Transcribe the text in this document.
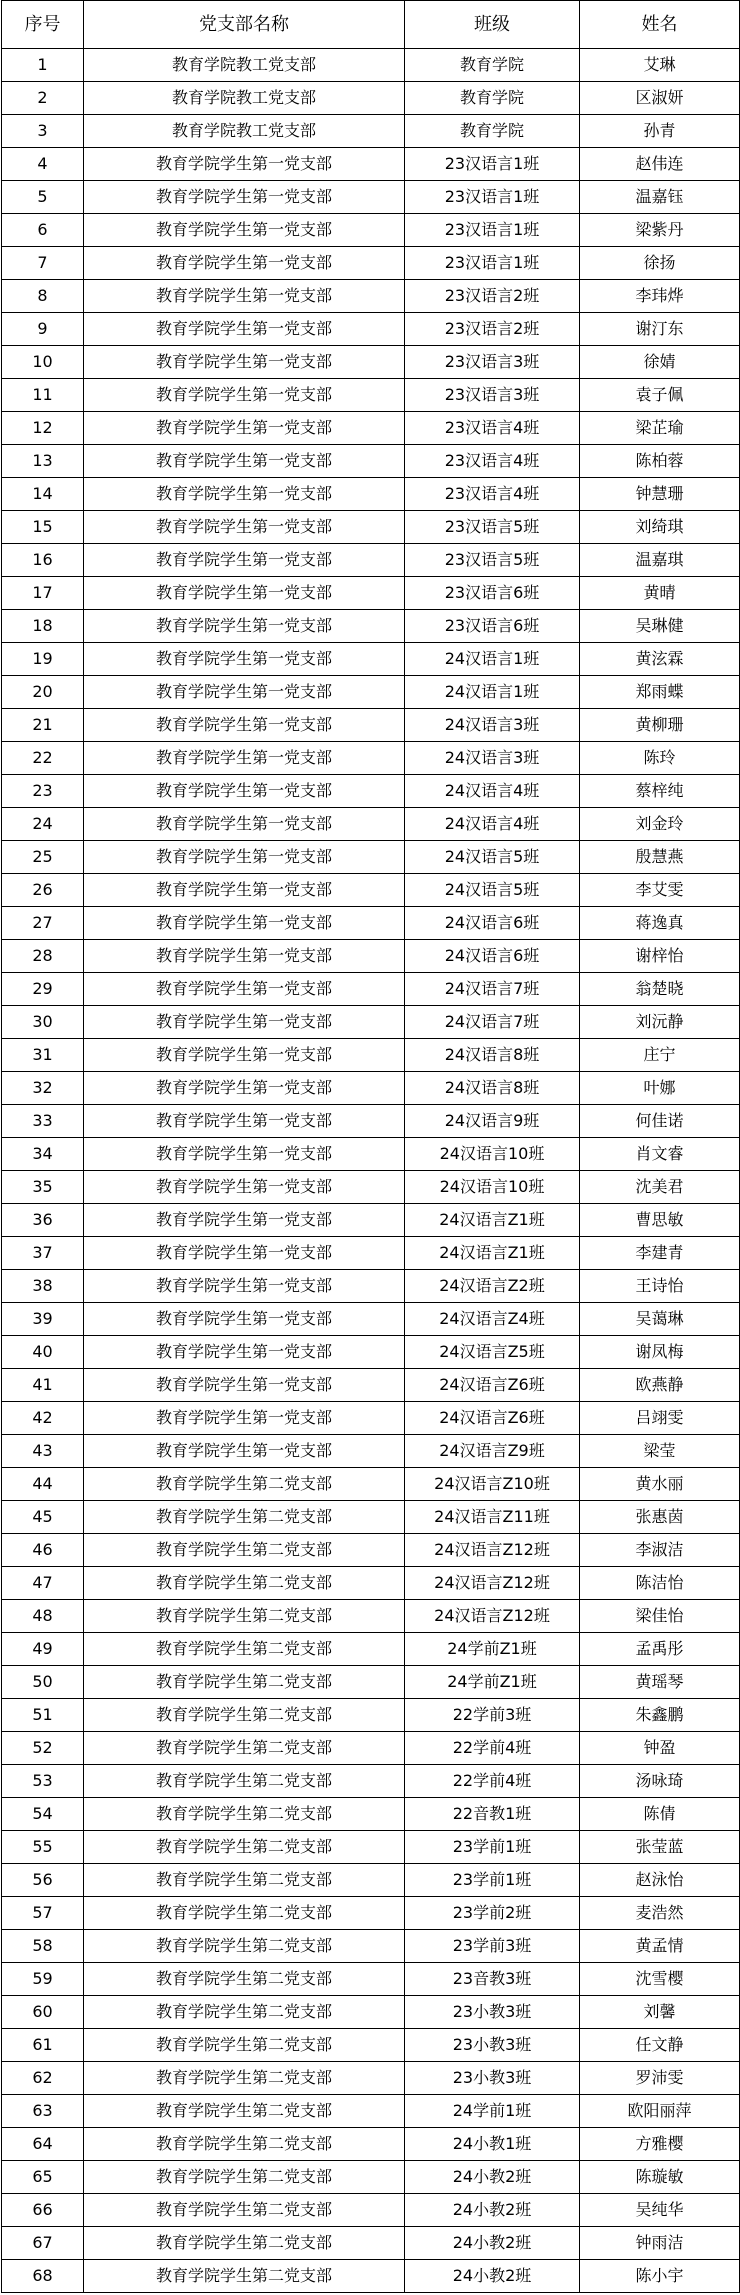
序号	党支部名称	班级	姓名
1	教育学院教工党支部	教育学院	艾琳
2	教育学院教工党支部	教育学院	区淑妍
3	教育学院教工党支部	教育学院	孙青
4	教育学院学生第一党支部	23汉语言1班	赵伟连
5	教育学院学生第一党支部	23汉语言1班	温嘉钰
6	教育学院学生第一党支部	23汉语言1班	梁紫丹
7	教育学院学生第一党支部	23汉语言1班	徐扬
8	教育学院学生第一党支部	23汉语言2班	李玮烨
9	教育学院学生第一党支部	23汉语言2班	谢汀东
10	教育学院学生第一党支部	23汉语言3班	徐婧
11	教育学院学生第一党支部	23汉语言3班	袁子佩
12	教育学院学生第一党支部	23汉语言4班	梁芷瑜
13	教育学院学生第一党支部	23汉语言4班	陈柏蓉
14	教育学院学生第一党支部	23汉语言4班	钟慧珊
15	教育学院学生第一党支部	23汉语言5班	刘绮琪
16	教育学院学生第一党支部	23汉语言5班	温嘉琪
17	教育学院学生第一党支部	23汉语言6班	黄晴
18	教育学院学生第一党支部	23汉语言6班	吴琳健
19	教育学院学生第一党支部	24汉语言1班	黄泫霖
20	教育学院学生第一党支部	24汉语言1班	郑雨蝶
21	教育学院学生第一党支部	24汉语言3班	黄柳珊
22	教育学院学生第一党支部	24汉语言3班	陈玲
23	教育学院学生第一党支部	24汉语言4班	蔡梓纯
24	教育学院学生第一党支部	24汉语言4班	刘金玲
25	教育学院学生第一党支部	24汉语言5班	殷慧燕
26	教育学院学生第一党支部	24汉语言5班	李艾雯
27	教育学院学生第一党支部	24汉语言6班	蒋逸真
28	教育学院学生第一党支部	24汉语言6班	谢梓怡
29	教育学院学生第一党支部	24汉语言7班	翁楚晓
30	教育学院学生第一党支部	24汉语言7班	刘沅静
31	教育学院学生第一党支部	24汉语言8班	庄宁
32	教育学院学生第一党支部	24汉语言8班	叶娜
33	教育学院学生第一党支部	24汉语言9班	何佳诺
34	教育学院学生第一党支部	24汉语言10班	肖文睿
35	教育学院学生第一党支部	24汉语言10班	沈美君
36	教育学院学生第一党支部	24汉语言Z1班	曹思敏
37	教育学院学生第一党支部	24汉语言Z1班	李建青
38	教育学院学生第一党支部	24汉语言Z2班	王诗怡
39	教育学院学生第一党支部	24汉语言Z4班	吴蔼琳
40	教育学院学生第一党支部	24汉语言Z5班	谢凤梅
41	教育学院学生第一党支部	24汉语言Z6班	欧燕静
42	教育学院学生第一党支部	24汉语言Z6班	吕翊雯
43	教育学院学生第一党支部	24汉语言Z9班	梁莹
44	教育学院学生第二党支部	24汉语言Z10班	黄水丽
45	教育学院学生第二党支部	24汉语言Z11班	张惠茵
46	教育学院学生第二党支部	24汉语言Z12班	李淑洁
47	教育学院学生第二党支部	24汉语言Z12班	陈洁怡
48	教育学院学生第二党支部	24汉语言Z12班	梁佳怡
49	教育学院学生第二党支部	24学前Z1班	孟禹彤
50	教育学院学生第二党支部	24学前Z1班	黄瑶琴
51	教育学院学生第二党支部	22学前3班	朱鑫鹏
52	教育学院学生第二党支部	22学前4班	钟盈
53	教育学院学生第二党支部	22学前4班	汤咏琦
54	教育学院学生第二党支部	22音教1班	陈倩
55	教育学院学生第二党支部	23学前1班	张莹蓝
56	教育学院学生第二党支部	23学前1班	赵泳怡
57	教育学院学生第二党支部	23学前2班	麦浩然
58	教育学院学生第二党支部	23学前3班	黄孟情
59	教育学院学生第二党支部	23音教3班	沈雪樱
60	教育学院学生第二党支部	23小教3班	刘馨
61	教育学院学生第二党支部	23小教3班	任文静
62	教育学院学生第二党支部	23小教3班	罗沛雯
63	教育学院学生第二党支部	24学前1班	欧阳丽萍
64	教育学院学生第二党支部	24小教1班	方雅樱
65	教育学院学生第二党支部	24小教2班	陈璇敏
66	教育学院学生第二党支部	24小教2班	吴纯华
67	教育学院学生第二党支部	24小教2班	钟雨洁
68	教育学院学生第二党支部	24小教2班	陈小宇
